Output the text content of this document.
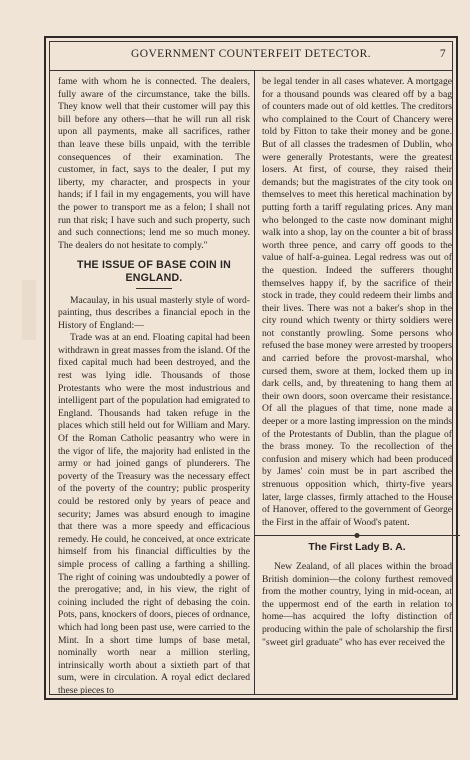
GOVERNMENT COUNTERFEIT DETECTOR.	7

fame with whom he is connected. The dealers, fully aware of the circumstance, take the bills. They know well that their customer will pay this bill before any others—that he will run all risk upon all payments, make all sacrifices, rather than leave these bills unpaid, with the terrible consequences of their examination. The customer, in fact, says to the dealer, I put my liberty, my character, and prospects in your hands; if I fail in my engagements, you will have the power to transport me as a felon; I shall not run that risk; I have such and such property, such and such connections; lend me so much money. The dealers do not hesitate to comply."

THE ISSUE OF BASE COIN IN ENGLAND.

Macaulay, in his usual masterly style of word-painting, thus describes a financial epoch in the History of England:—

Trade was at an end. Floating capital had been withdrawn in great masses from the island. Of the fixed capital much had been destroyed, and the rest was lying idle. Thousands of those Protestants who were the most industrious and intelligent part of the population had emigrated to England. Thousands had taken refuge in the places which still held out for William and Mary. Of the Roman Catholic peasantry who were in the vigor of life, the majority had enlisted in the army or had joined gangs of plunderers. The poverty of the Treasury was the necessary effect of the poverty of the country; public prosperity could be restored only by years of peace and security; James was absurd enough to imagine that there was a more speedy and efficacious remedy. He could, he conceived, at once extricate himself from his financial difficulties by the simple process of calling a farthing a shilling. The right of coining was undoubtedly a power of the prerogative; and, in his view, the right of coining included the right of debasing the coin. Pots, pans, knockers of doors, pieces of ordnance, which had long been past use, were carried to the Mint. In a short time lumps of base metal, nominally worth near a million sterling, intrinsically worth about a sixtieth part of that sum, were in circulation. A royal edict declared these pieces to

be legal tender in all cases whatever. A mortgage for a thousand pounds was cleared off by a bag of counters made out of old kettles. The creditors who complained to the Court of Chancery were told by Fitton to take their money and be gone. But of all classes the tradesmen of Dublin, who were generally Protestants, were the greatest losers. At first, of course, they raised their demands; but the magistrates of the city took on themselves to meet this heretical machination by putting forth a tariff regulating prices. Any man who belonged to the caste now dominant might walk into a shop, lay on the counter a bit of brass worth three pence, and carry off goods to the value of half-a-guinea. Legal redress was out of the question. Indeed the sufferers thought themselves happy if, by the sacrifice of their stock in trade, they could redeem their limbs and their lives. There was not a baker's shop in the city round which twenty or thirty soldiers were not constantly prowling. Some persons who refused the base money were arrested by troopers and carried before the provost-marshal, who cursed them, swore at them, locked them up in dark cells, and, by threatening to hang them at their own doors, soon overcame their resistance. Of all the plagues of that time, none made a deeper or a more lasting impression on the minds of the Protestants of Dublin, than the plague of the brass money. To the recollection of the confusion and misery which had been produced by James' coin must be in part ascribed the strenuous opposition which, thirty-five years later, large classes, firmly attached to the House of Hanover, offered to the government of George the First in the affair of Wood's patent.

The First Lady B. A.

New Zealand, of all places within the broad British dominion—the colony furthest removed from the mother country, lying in mid-ocean, at the uppermost end of the earth in relation to home—has acquired the lofty distinction of producing within the pale of scholarship the first "sweet girl graduate" who has ever received the
